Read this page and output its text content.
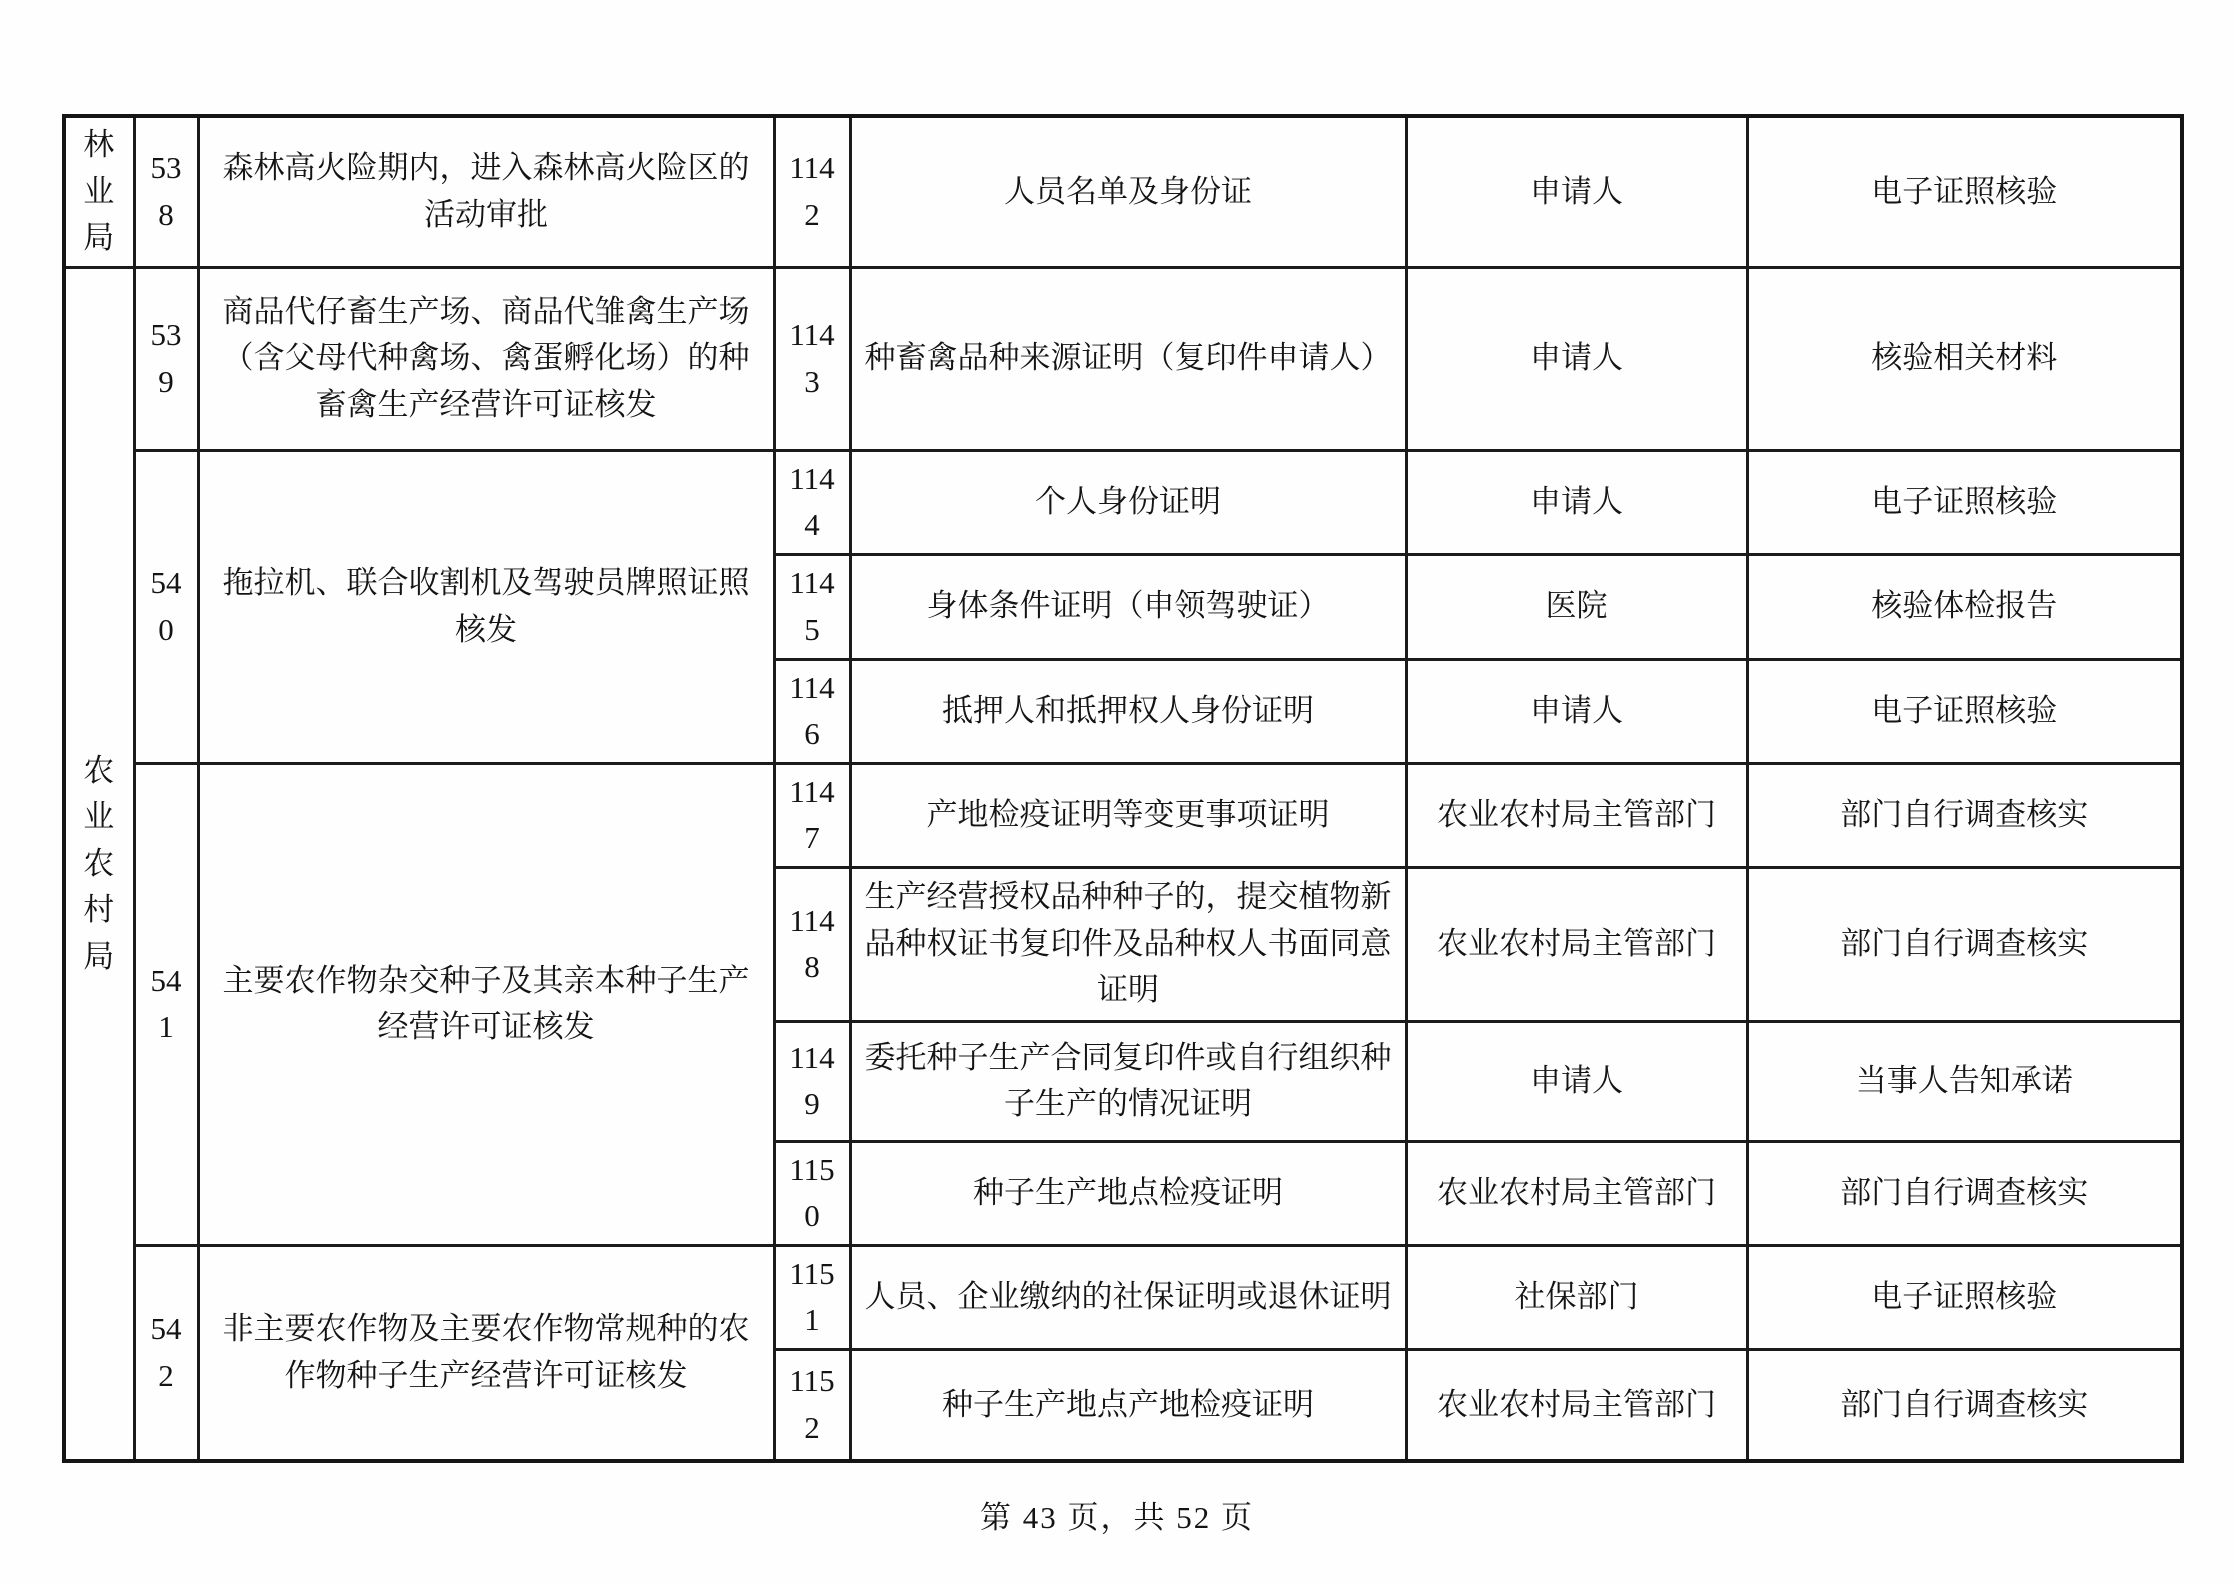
林业局	538	森林高火险期内，进入森林高火险区的活动审批	1142	人员名单及身份证	申请人	电子证照核验
农业农村局	539	商品代仔畜生产场、商品代雏禽生产场（含父母代种禽场、禽蛋孵化场）的种畜禽生产经营许可证核发	1143	种畜禽品种来源证明（复印件申请人）	申请人	核验相关材料
	540	拖拉机、联合收割机及驾驶员牌照证照核发	1144	个人身份证明	申请人	电子证照核验
			1145	身体条件证明（申领驾驶证）	医院	核验体检报告
			1146	抵押人和抵押权人身份证明	申请人	电子证照核验
	541	主要农作物杂交种子及其亲本种子生产经营许可证核发	1147	产地检疫证明等变更事项证明	农业农村局主管部门	部门自行调查核实
			1148	生产经营授权品种种子的，提交植物新品种权证书复印件及品种权人书面同意证明	农业农村局主管部门	部门自行调查核实
			1149	委托种子生产合同复印件或自行组织种子生产的情况证明	申请人	当事人告知承诺
			1150	种子生产地点检疫证明	农业农村局主管部门	部门自行调查核实
	542	非主要农作物及主要农作物常规种的农作物种子生产经营许可证核发	1151	人员、企业缴纳的社保证明或退休证明	社保部门	电子证照核验
			1152	种子生产地点产地检疫证明	农业农村局主管部门	部门自行调查核实
第 43 页，共 52 页
